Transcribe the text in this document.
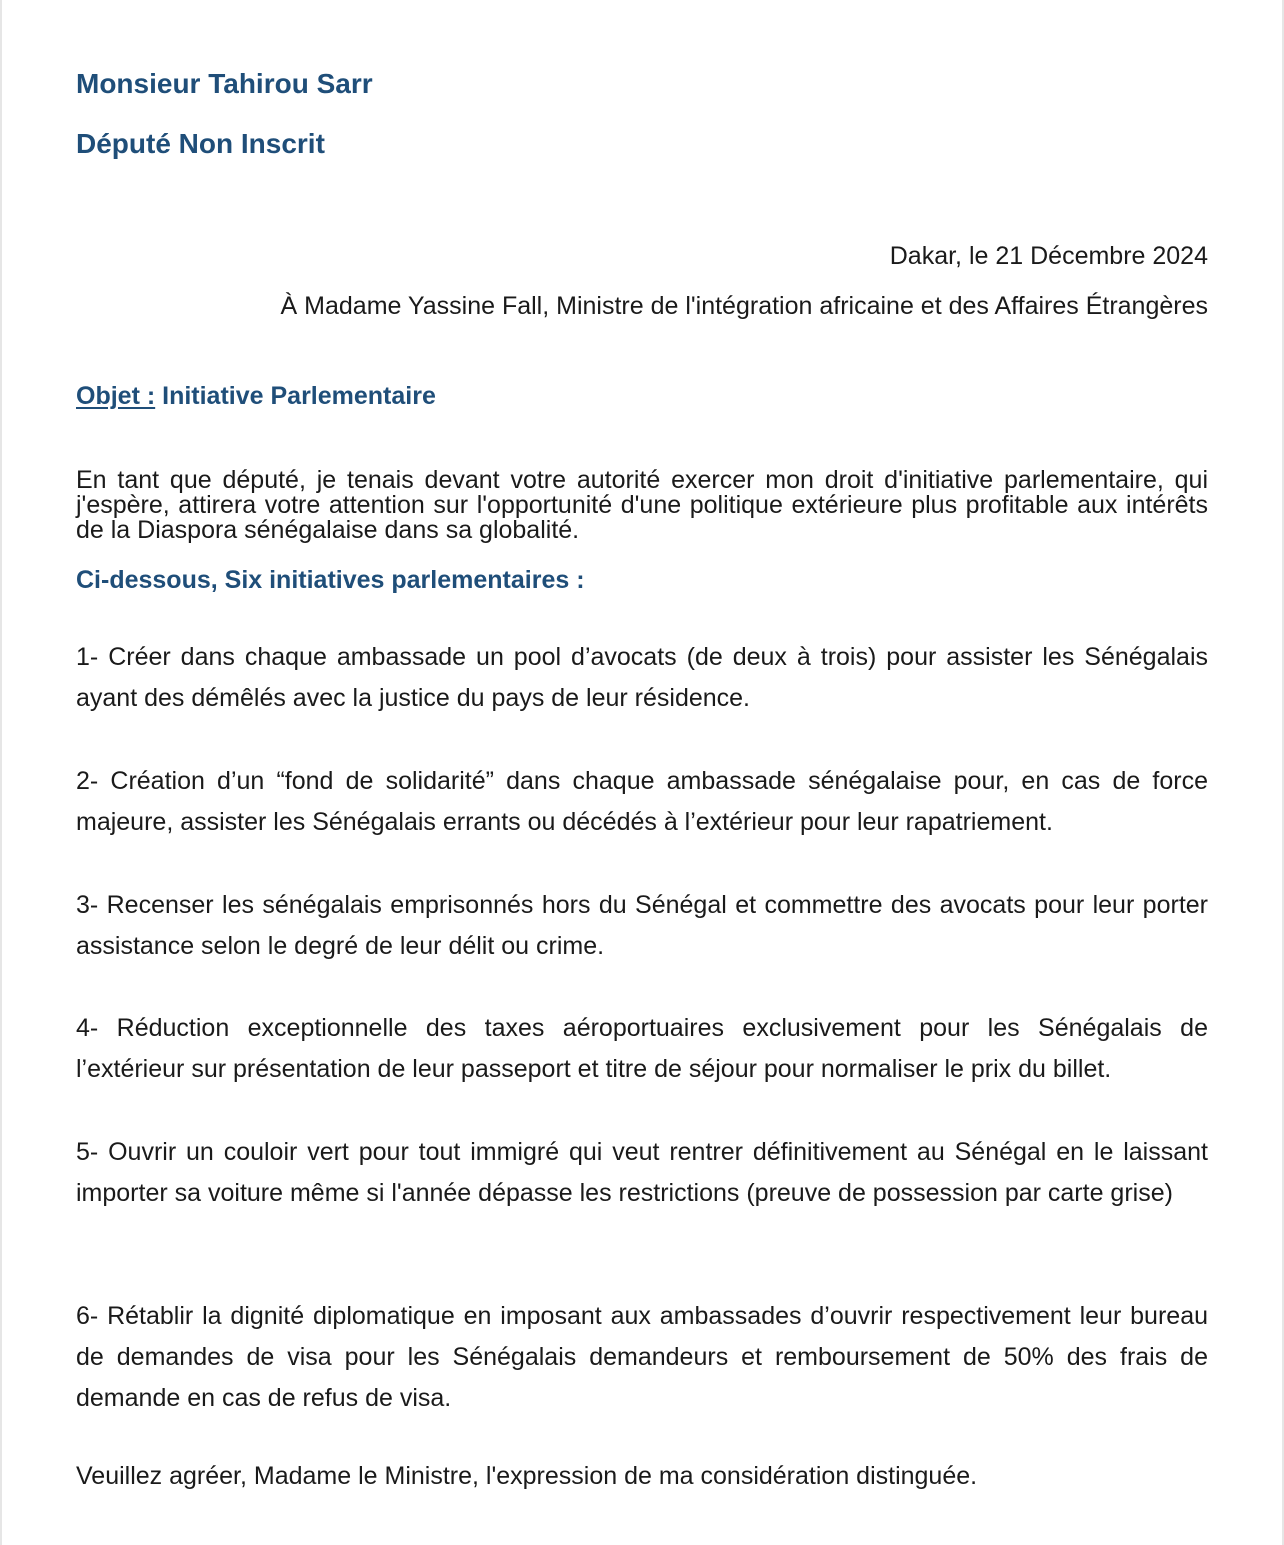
Monsieur Tahirou Sarr

Député Non Inscrit

Dakar, le 21 Décembre 2024

À Madame Yassine Fall, Ministre de l'intégration africaine et des Affaires Étrangères

Objet : Initiative Parlementaire

En tant que député, je tenais devant votre autorité exercer mon droit d'initiative parlementaire, qui j'espère, attirera votre attention sur l'opportunité d'une politique extérieure plus profitable aux intérêts de la Diaspora sénégalaise dans sa globalité.

Ci-dessous, Six initiatives parlementaires :

1- Créer dans chaque ambassade un pool d’avocats (de deux à trois) pour assister les Sénégalais ayant des démêlés avec la justice du pays de leur résidence.

2- Création d’un “fond de solidarité” dans chaque ambassade sénégalaise pour, en cas de force majeure, assister les Sénégalais errants ou décédés à l’extérieur pour leur rapatriement.

3- Recenser les sénégalais emprisonnés hors du Sénégal et commettre des avocats pour leur porter assistance selon le degré de leur délit ou crime.

4- Réduction exceptionnelle des taxes aéroportuaires exclusivement pour les Sénégalais de l’extérieur sur présentation de leur passeport et titre de séjour pour normaliser le prix du billet.

5- Ouvrir un couloir vert pour tout immigré qui veut rentrer définitivement au Sénégal en le laissant importer sa voiture même si l'année dépasse les restrictions (preuve de possession par carte grise)

6- Rétablir la dignité diplomatique en imposant aux ambassades d’ouvrir respectivement leur bureau de demandes de visa pour les Sénégalais demandeurs et remboursement de 50% des frais de demande en cas de refus de visa.

Veuillez agréer, Madame le Ministre, l'expression de ma considération distinguée.
